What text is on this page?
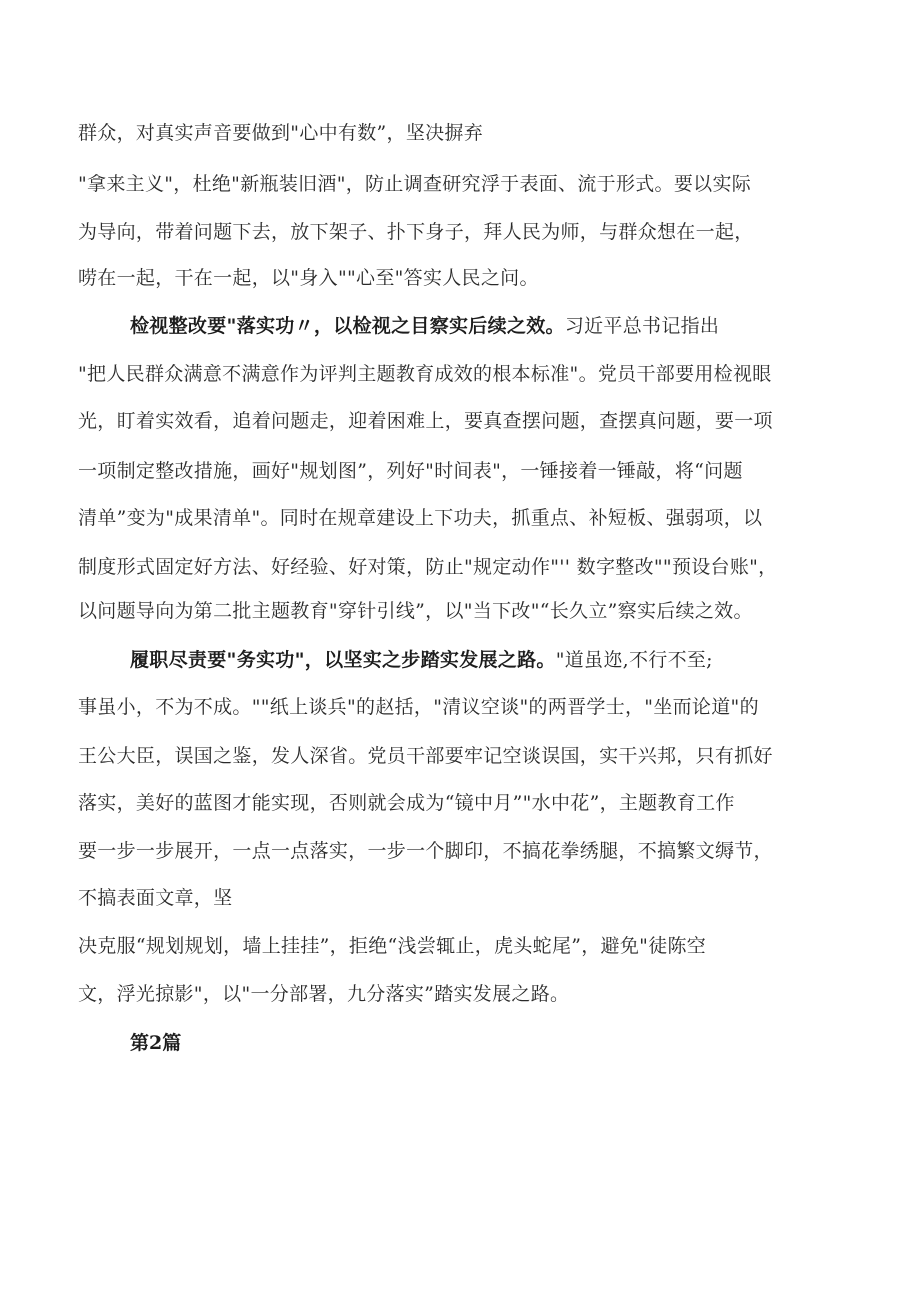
群众，对真实声音要做到"心中有数”，坚决摒弃
"拿来主义"，杜绝"新瓶装旧酒"，防止调查研究浮于表面、流于形式。要以实际
为导向，带着问题下去，放下架子、扑下身子，拜人民为师，与群众想在一起，
唠在一起，干在一起，以"身入""心至"答实人民之问。
检视整改要"落实功〃，以检视之目察实后续之效。习近平总书记指出
"把人民群众满意不满意作为评判主题教育成效的根本标准"。党员干部要用检视眼
光，盯着实效看，追着问题走，迎着困难上，要真查摆问题，查摆真问题，要一项
一项制定整改措施，画好"规划图”，列好"时间表"，一锤接着一锤敲，将“问题
清单”变为"成果清单"。同时在规章建设上下功夫，抓重点、补短板、强弱项，以
制度形式固定好方法、好经验、好对策，防止"规定动作"'' 数字整改""预设台账"，
以问题导向为第二批主题教育"穿针引线”，以"当下改"“长久立”察实后续之效。
履职尽责要"务实功"，以坚实之步踏实发展之路。"道虽迩,不行不至;
事虽小，不为不成。""纸上谈兵"的赵括，"清议空谈"的两晋学士，"坐而论道"的
王公大臣，误国之鉴，发人深省。党员干部要牢记空谈误国，实干兴邦，只有抓好
落实，美好的蓝图才能实现，否则就会成为“镜中月”"水中花”，主题教育工作
要一步一步展开，一点一点落实，一步一个脚印，不搞花拳绣腿，不搞繁文缛节，
不搞表面文章，坚
决克服“规划规划，墙上挂挂”，拒绝“浅尝辄止，虎头蛇尾”，避免"徒陈空
文，浮光掠影"，以"一分部署，九分落实”踏实发展之路。
第2篇
